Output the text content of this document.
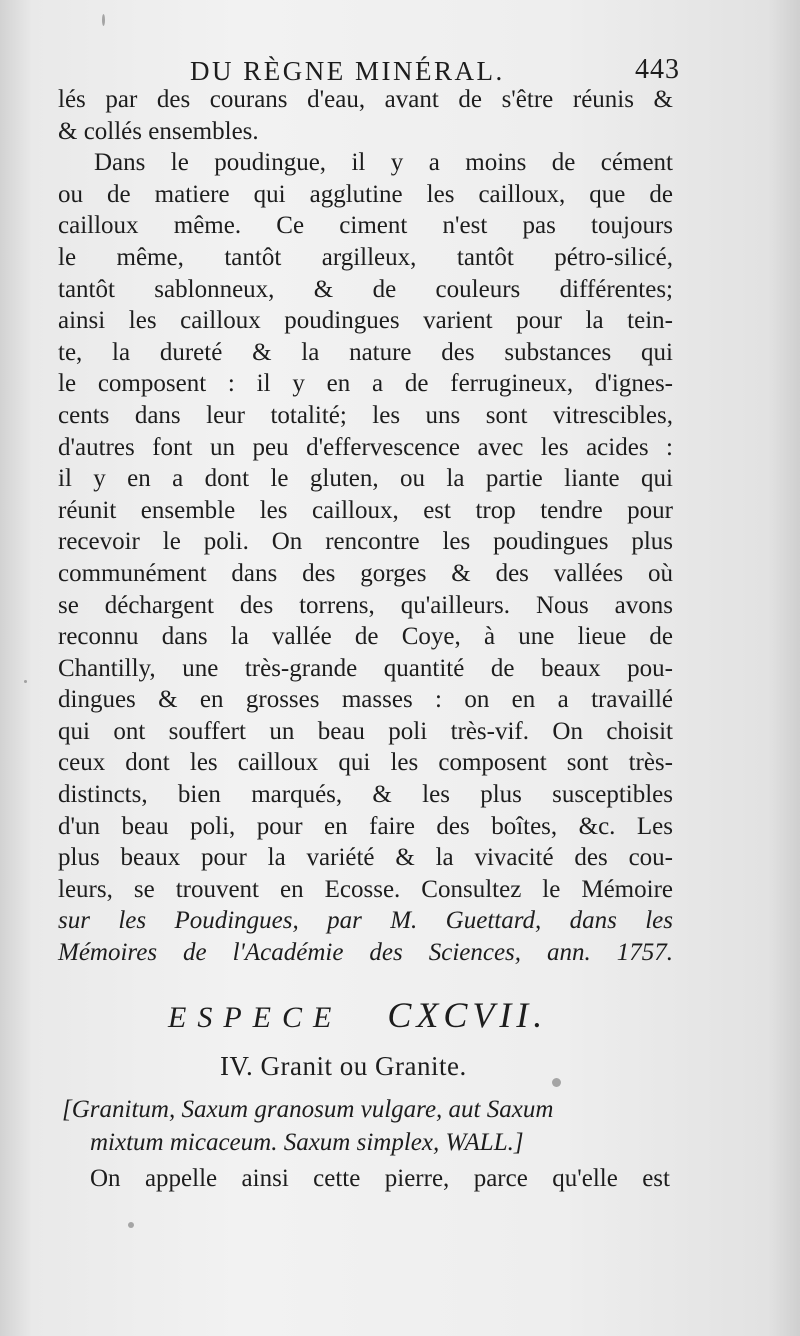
DU RÈGNE MINÉRAL.	443
lés par des courans d'eau, avant de s'être réunis &
& collés ensembles.
Dans le poudingue, il y a moins de cément
ou de matiere qui agglutine les cailloux, que de
cailloux même. Ce ciment n'est pas toujours
le même, tantôt argilleux, tantôt pétro-silicé,
tantôt sablonneux, & de couleurs différentes;
ainsi les cailloux poudingues varient pour la tein-
te, la dureté & la nature des substances qui
le composent : il y en a de ferrugineux, d'ignes-
cents dans leur totalité; les uns sont vitrescibles,
d'autres font un peu d'effervescence avec les acides :
il y en a dont le gluten, ou la partie liante qui
réunit ensemble les cailloux, est trop tendre pour
recevoir le poli. On rencontre les poudingues plus
communément dans des gorges & des vallées où
se déchargent des torrens, qu'ailleurs. Nous avons
reconnu dans la vallée de Coye, à une lieue de
Chantilly, une très-grande quantité de beaux pou-
dingues & en grosses masses : on en a travaillé
qui ont souffert un beau poli très-vif. On choisit
ceux dont les cailloux qui les composent sont très-
distincts, bien marqués, & les plus susceptibles
d'un beau poli, pour en faire des boîtes, &c. Les
plus beaux pour la variété & la vivacité des cou-
leurs, se trouvent en Ecosse. Consultez le Mémoire
sur les Poudingues, par M. Guettard, dans les
Mémoires de l'Académie des Sciences, ann. 1757.
ESPECE CXCVII.
IV. Granit ou Granite.
[Granitum, Saxum granosum vulgare, aut Saxum
mixtum micaceum. Saxum simplex, WALL.]
On appelle ainsi cette pierre, parce qu'elle est
